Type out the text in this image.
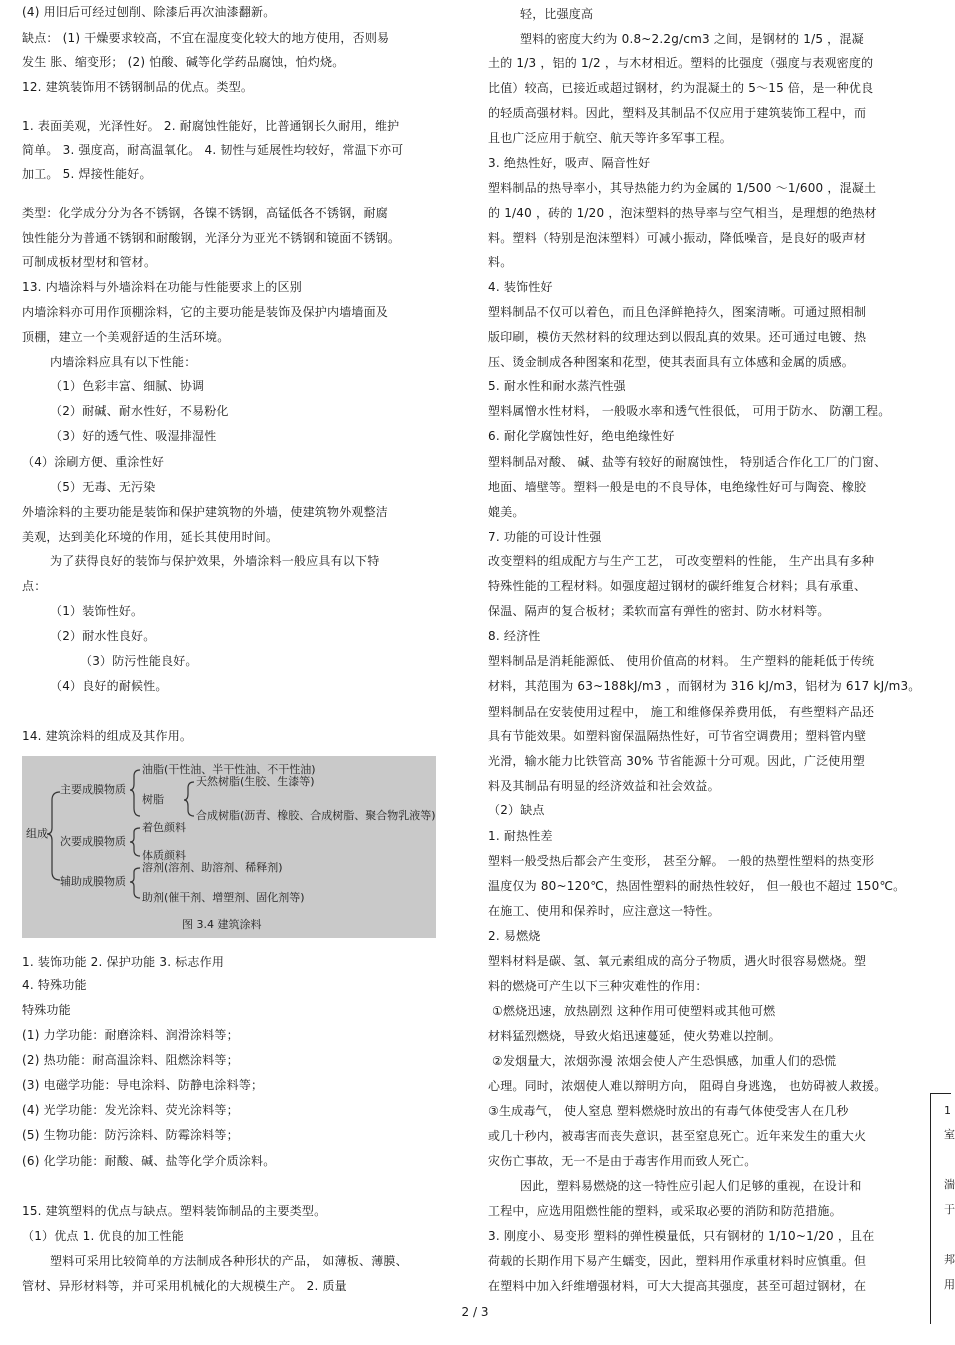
(4) 用旧后可经过刨削、除漆后再次油漆翻新。
缺点： (1) 干燥要求较高，不宜在湿度变化较大的地方使用，否则易
发生 胀、缩变形； (2) 怕酸、碱等化学药品腐蚀，怕灼烧。
12. 建筑装饰用不锈钢制品的优点。类型。
1. 表面美观，光泽性好。 2. 耐腐蚀性能好，比普通钢长久耐用，维护
简单。 3. 强度高，耐高温氧化。 4. 韧性与延展性均较好，常温下亦可
加工。 5. 焊接性能好。
类型：化学成分分为各不锈钢，各镍不锈钢，高锰低各不锈钢，耐腐
蚀性能分为普通不锈钢和耐酸钢，光泽分为亚光不锈钢和镜面不锈钢。
可制成板材型材和管材。
13. 内墙涂料与外墙涂料在功能与性能要求上的区别
内墙涂料亦可用作顶棚涂料，它的主要功能是装饰及保护内墙墙面及
顶棚，建立一个美观舒适的生活环境。
内墙涂料应具有以下性能：
（1）色彩丰富、细腻、协调
（2）耐碱、耐水性好，不易粉化
（3）好的透气性、吸湿排湿性
（4）涂刷方便、重涂性好
（5）无毒、无污染
外墙涂料的主要功能是装饰和保护建筑物的外墙，使建筑物外观整洁
美观，达到美化环境的作用，延长其使用时间。
为了获得良好的装饰与保护效果，外墙涂料一般应具有以下特
点：
（1）装饰性好。
（2）耐水性良好。
（3）防污性能良好。
（4）良好的耐候性。
14. 建筑涂料的组成及其作用。
1. 装饰功能 2. 保护功能 3. 标志作用
4. 特殊功能
特殊功能
(1) 力学功能：耐磨涂料、润滑涂料等；
(2) 热功能：耐高温涂料、阻燃涂料等；
(3) 电磁学功能：导电涂料、防静电涂料等；
(4) 光学功能：发光涂料、荧光涂料等；
(5) 生物功能：防污涂料、防霉涂料等；
(6) 化学功能：耐酸、碱、盐等化学介质涂料。
15. 建筑塑料的优点与缺点。塑料装饰制品的主要类型。
（1）优点 1. 优良的加工性能
塑料可采用比较简单的方法制成各种形状的产品， 如薄板、薄膜、
管材、异形材料等，并可采用机械化的大规模生产。 2. 质量
轻，比强度高
塑料的密度大约为 0.8~2.2g/cm3 之间，是钢材的 1/5 ，混凝
土的 1/3 ，铝的 1/2 ，与木材相近。塑料的比强度（强度与表观密度的
比值）较高，已接近或超过钢材，约为混凝土的 5～15 倍，是一种优良
的轻质高强材料。因此，塑料及其制品不仅应用于建筑装饰工程中，而
且也广泛应用于航空、航天等许多军事工程。
3. 绝热性好，吸声、隔音性好
塑料制品的热导率小，其导热能力约为金属的 1/500 ～1/600 ，混凝土
的 1/40 ，砖的 1/20 ，泡沫塑料的热导率与空气相当，是理想的绝热材
料。塑料（特别是泡沫塑料）可减小振动，降低噪音，是良好的吸声材
料。
4. 装饰性好
塑料制品不仅可以着色，而且色泽鲜艳持久，图案清晰。可通过照相制
版印刷，模仿天然材料的纹理达到以假乱真的效果。还可通过电镀、热
压、烫金制成各种图案和花型，使其表面具有立体感和金属的质感。
5. 耐水性和耐水蒸汽性强
塑料属憎水性材料， 一般吸水率和透气性很低， 可用于防水、 防潮工程。
6. 耐化学腐蚀性好，绝电绝缘性好
塑料制品对酸、 碱、盐等有较好的耐腐蚀性， 特别适合作化工厂的门窗、
地面、墙壁等。塑料一般是电的不良导体，电绝缘性好可与陶瓷、橡胶
媲美。
7. 功能的可设计性强
改变塑料的组成配方与生产工艺， 可改变塑料的性能， 生产出具有多种
特殊性能的工程材料。如强度超过钢材的碳纤维复合材料；具有承重、
保温、隔声的复合板材；柔软而富有弹性的密封、防水材料等。
8. 经济性
塑料制品是消耗能源低、 使用价值高的材料。 生产塑料的能耗低于传统
材料，其范围为 63~188kJ/m3 ，而钢材为 316 kJ/m3，铝材为 617 kJ/m3。
塑料制品在安装使用过程中， 施工和维修保养费用低， 有些塑料产品还
具有节能效果。如塑料窗保温隔热性好，可节省空调费用；塑料管内壁
光滑，输水能力比铁管高 30% 节省能源十分可观。因此，广泛使用塑
料及其制品有明显的经济效益和社会效益。
（2）缺点
1. 耐热性差
塑料一般受热后都会产生变形， 甚至分解。 一般的热塑性塑料的热变形
温度仅为 80~120℃，热固性塑料的耐热性较好， 但一般也不超过 150℃。
在施工、使用和保养时，应注意这一特性。
2. 易燃烧
塑料材料是碳、氢、氧元素组成的高分子物质，遇火时很容易燃烧。塑
料的燃烧可产生以下三种灾难性的作用：
①燃烧迅速，放热剧烈 这种作用可使塑料或其他可燃
材料猛烈燃烧，导致火焰迅速蔓延，使火势难以控制。
②发烟量大，浓烟弥漫 浓烟会使人产生恐惧感，加重人们的恐慌
心理。同时，浓烟使人难以辩明方向， 阻碍自身逃逸， 也妨碍被人救援。
③生成毒气， 使人窒息 塑料燃烧时放出的有毒气体使受害人在几秒
或几十秒内，被毒害而丧失意识，甚至窒息死亡。近年来发生的重大火
灾伤亡事故，无一不是由于毒害作用而致人死亡。
因此，塑料易燃烧的这一特性应引起人们足够的重视，在设计和
工程中，应选用阻燃性能的塑料，或采取必要的消防和防范措施。
3. 刚度小、易变形 塑料的弹性模量低，只有钢材的 1/10~1/20 ，且在
荷载的长期作用下易产生蠕变，因此，塑料用作承重材料时应慎重。但
在塑料中加入纤维增强材料，可大大提高其强度，甚至可超过钢材，在
组成
主要成膜物质
油脂(干性油、半干性油、不干性油)
树脂
天然树脂(生胶、生漆等)
合成树脂(沥青、橡胶、合成树脂、聚合物乳液等)
次要成膜物质
着色颜料
体质颜料
辅助成膜物质
溶剂(溶剂、助溶剂、稀释剂)
助剂(催干剂、增塑剂、固化剂等)
图 3.4 建筑涂料
2 / 3
1
室
湍
于
邦
用
